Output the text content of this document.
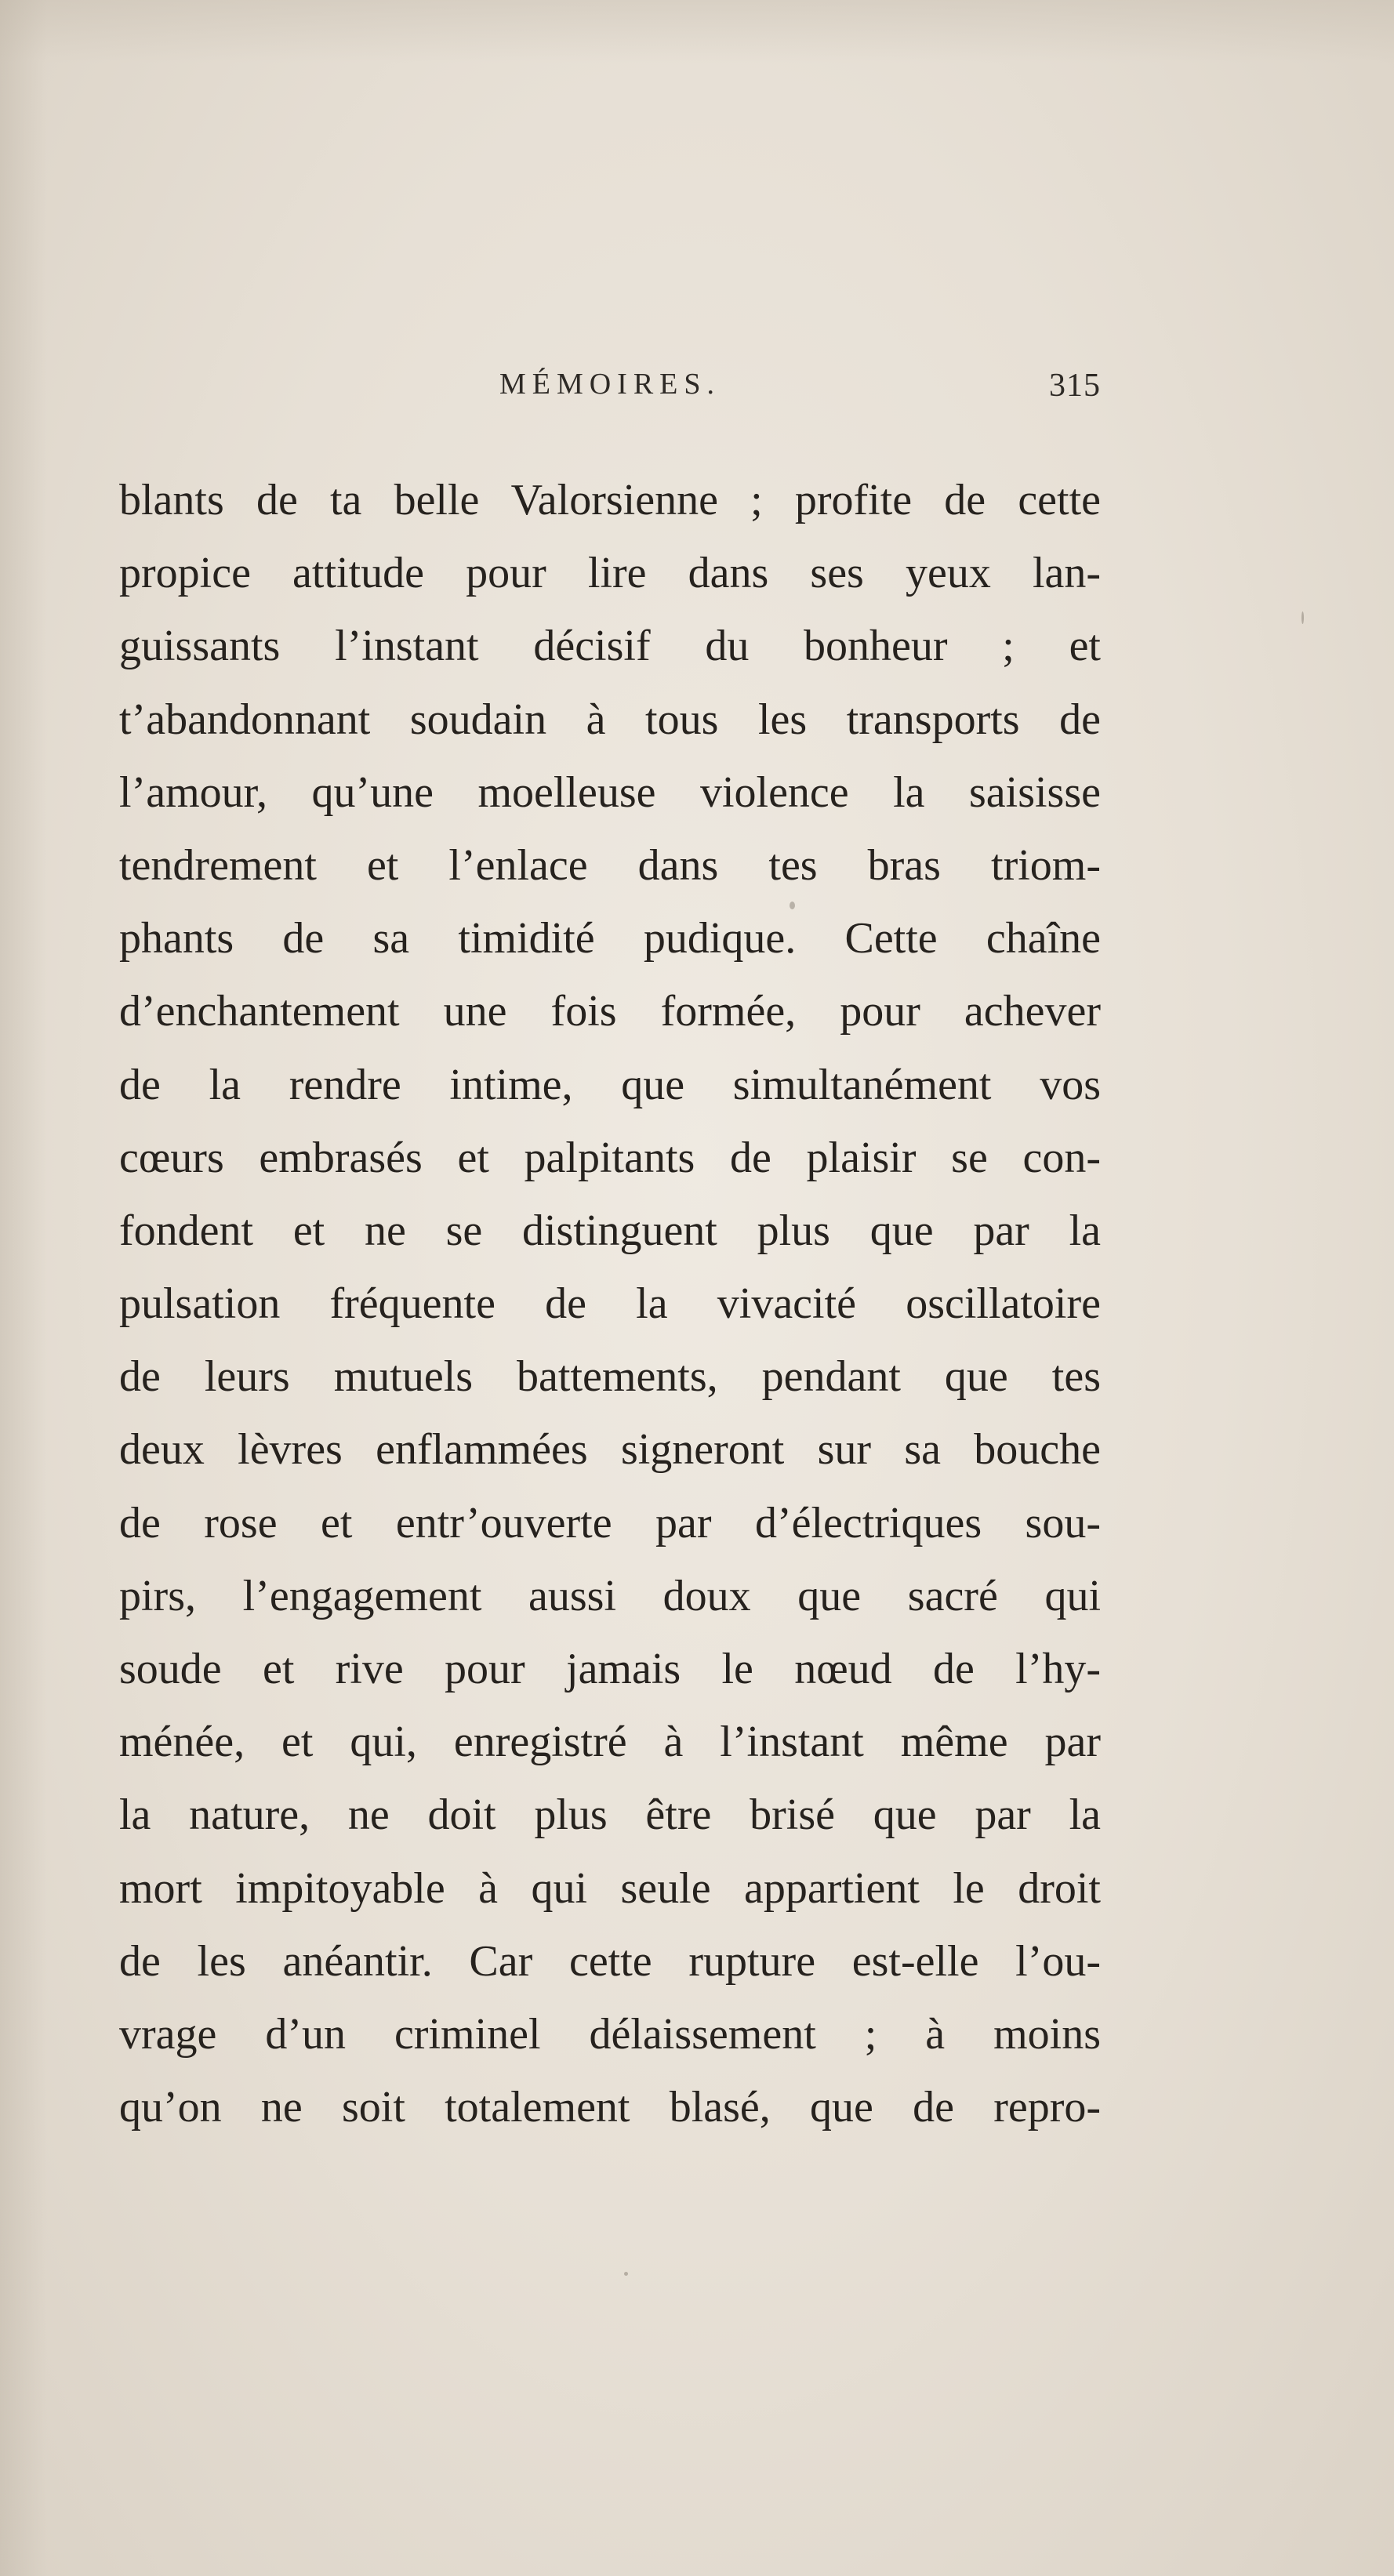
MÉMOIRES.	315
blants de ta belle Valorsienne ; profite de cette
propice attitude pour lire dans ses yeux lan-
guissants l’instant décisif du bonheur ; et
t’abandonnant soudain à tous les transports de
l’amour, qu’une moelleuse violence la saisisse
tendrement et l’enlace dans tes bras triom-
phants de sa timidité pudique. Cette chaîne
d’enchantement une fois formée, pour achever
de la rendre intime, que simultanément vos
cœurs embrasés et palpitants de plaisir se con-
fondent et ne se distinguent plus que par la
pulsation fréquente de la vivacité oscillatoire
de leurs mutuels battements, pendant que tes
deux lèvres enflammées signeront sur sa bouche
de rose et entr’ouverte par d’électriques sou-
pirs, l’engagement aussi doux que sacré qui
soude et rive pour jamais le nœud de l’hy-
ménée, et qui, enregistré à l’instant même par
la nature, ne doit plus être brisé que par la
mort impitoyable à qui seule appartient le droit
de les anéantir. Car cette rupture est-elle l’ou-
vrage d’un criminel délaissement ; à moins
qu’on ne soit totalement blasé, que de repro-
